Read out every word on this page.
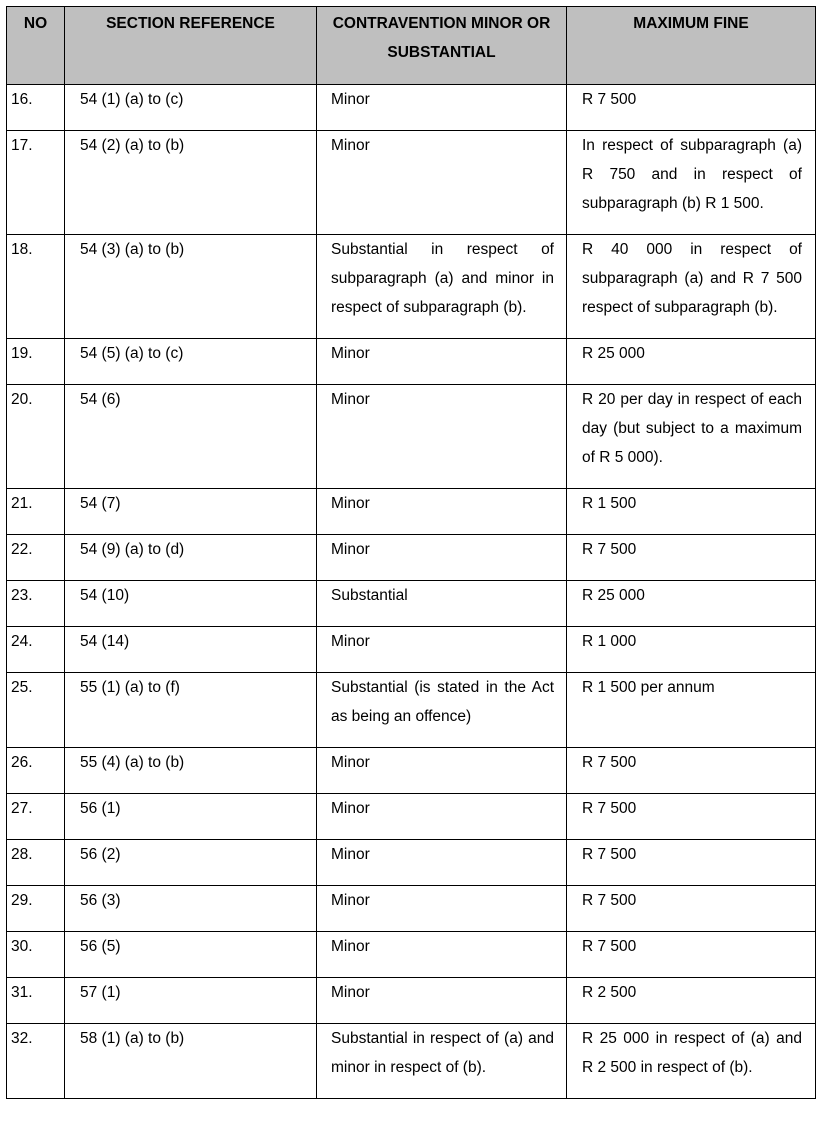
NO	SECTION REFERENCE	CONTRAVENTION MINOR OR SUBSTANTIAL	MAXIMUM FINE

16.	54 (1) (a) to (c)	Minor	R 7 500

17.	54 (2) (a) to (b)	Minor	In respect of subparagraph (a) R 750 and in respect of subparagraph (b) R 1 500.

18.	54 (3) (a) to (b)	Substantial in respect of subparagraph (a) and minor in respect of subparagraph (b).	R 40 000 in respect of subparagraph (a) and R 7 500 respect of subparagraph (b).

19.	54 (5) (a) to (c)	Minor	R 25 000

20.	54 (6)	Minor	R 20 per day in respect of each day (but subject to a maximum of R 5 000).

21.	54 (7)	Minor	R 1 500

22.	54 (9) (a) to (d)	Minor	R 7 500

23.	54 (10)	Substantial	R 25 000

24.	54 (14)	Minor	R 1 000

25.	55 (1) (a) to (f)	Substantial (is stated in the Act as being an offence)	R 1 500 per annum

26.	55 (4) (a) to (b)	Minor	R 7 500

27.	56 (1)	Minor	R 7 500

28.	56 (2)	Minor	R 7 500

29.	56 (3)	Minor	R 7 500

30.	56 (5)	Minor	R 7 500

31.	57 (1)	Minor	R 2 500

32.	58 (1) (a) to (b)	Substantial in respect of (a) and minor in respect of (b).	R 25 000 in respect of (a) and R 2 500 in respect of (b).
